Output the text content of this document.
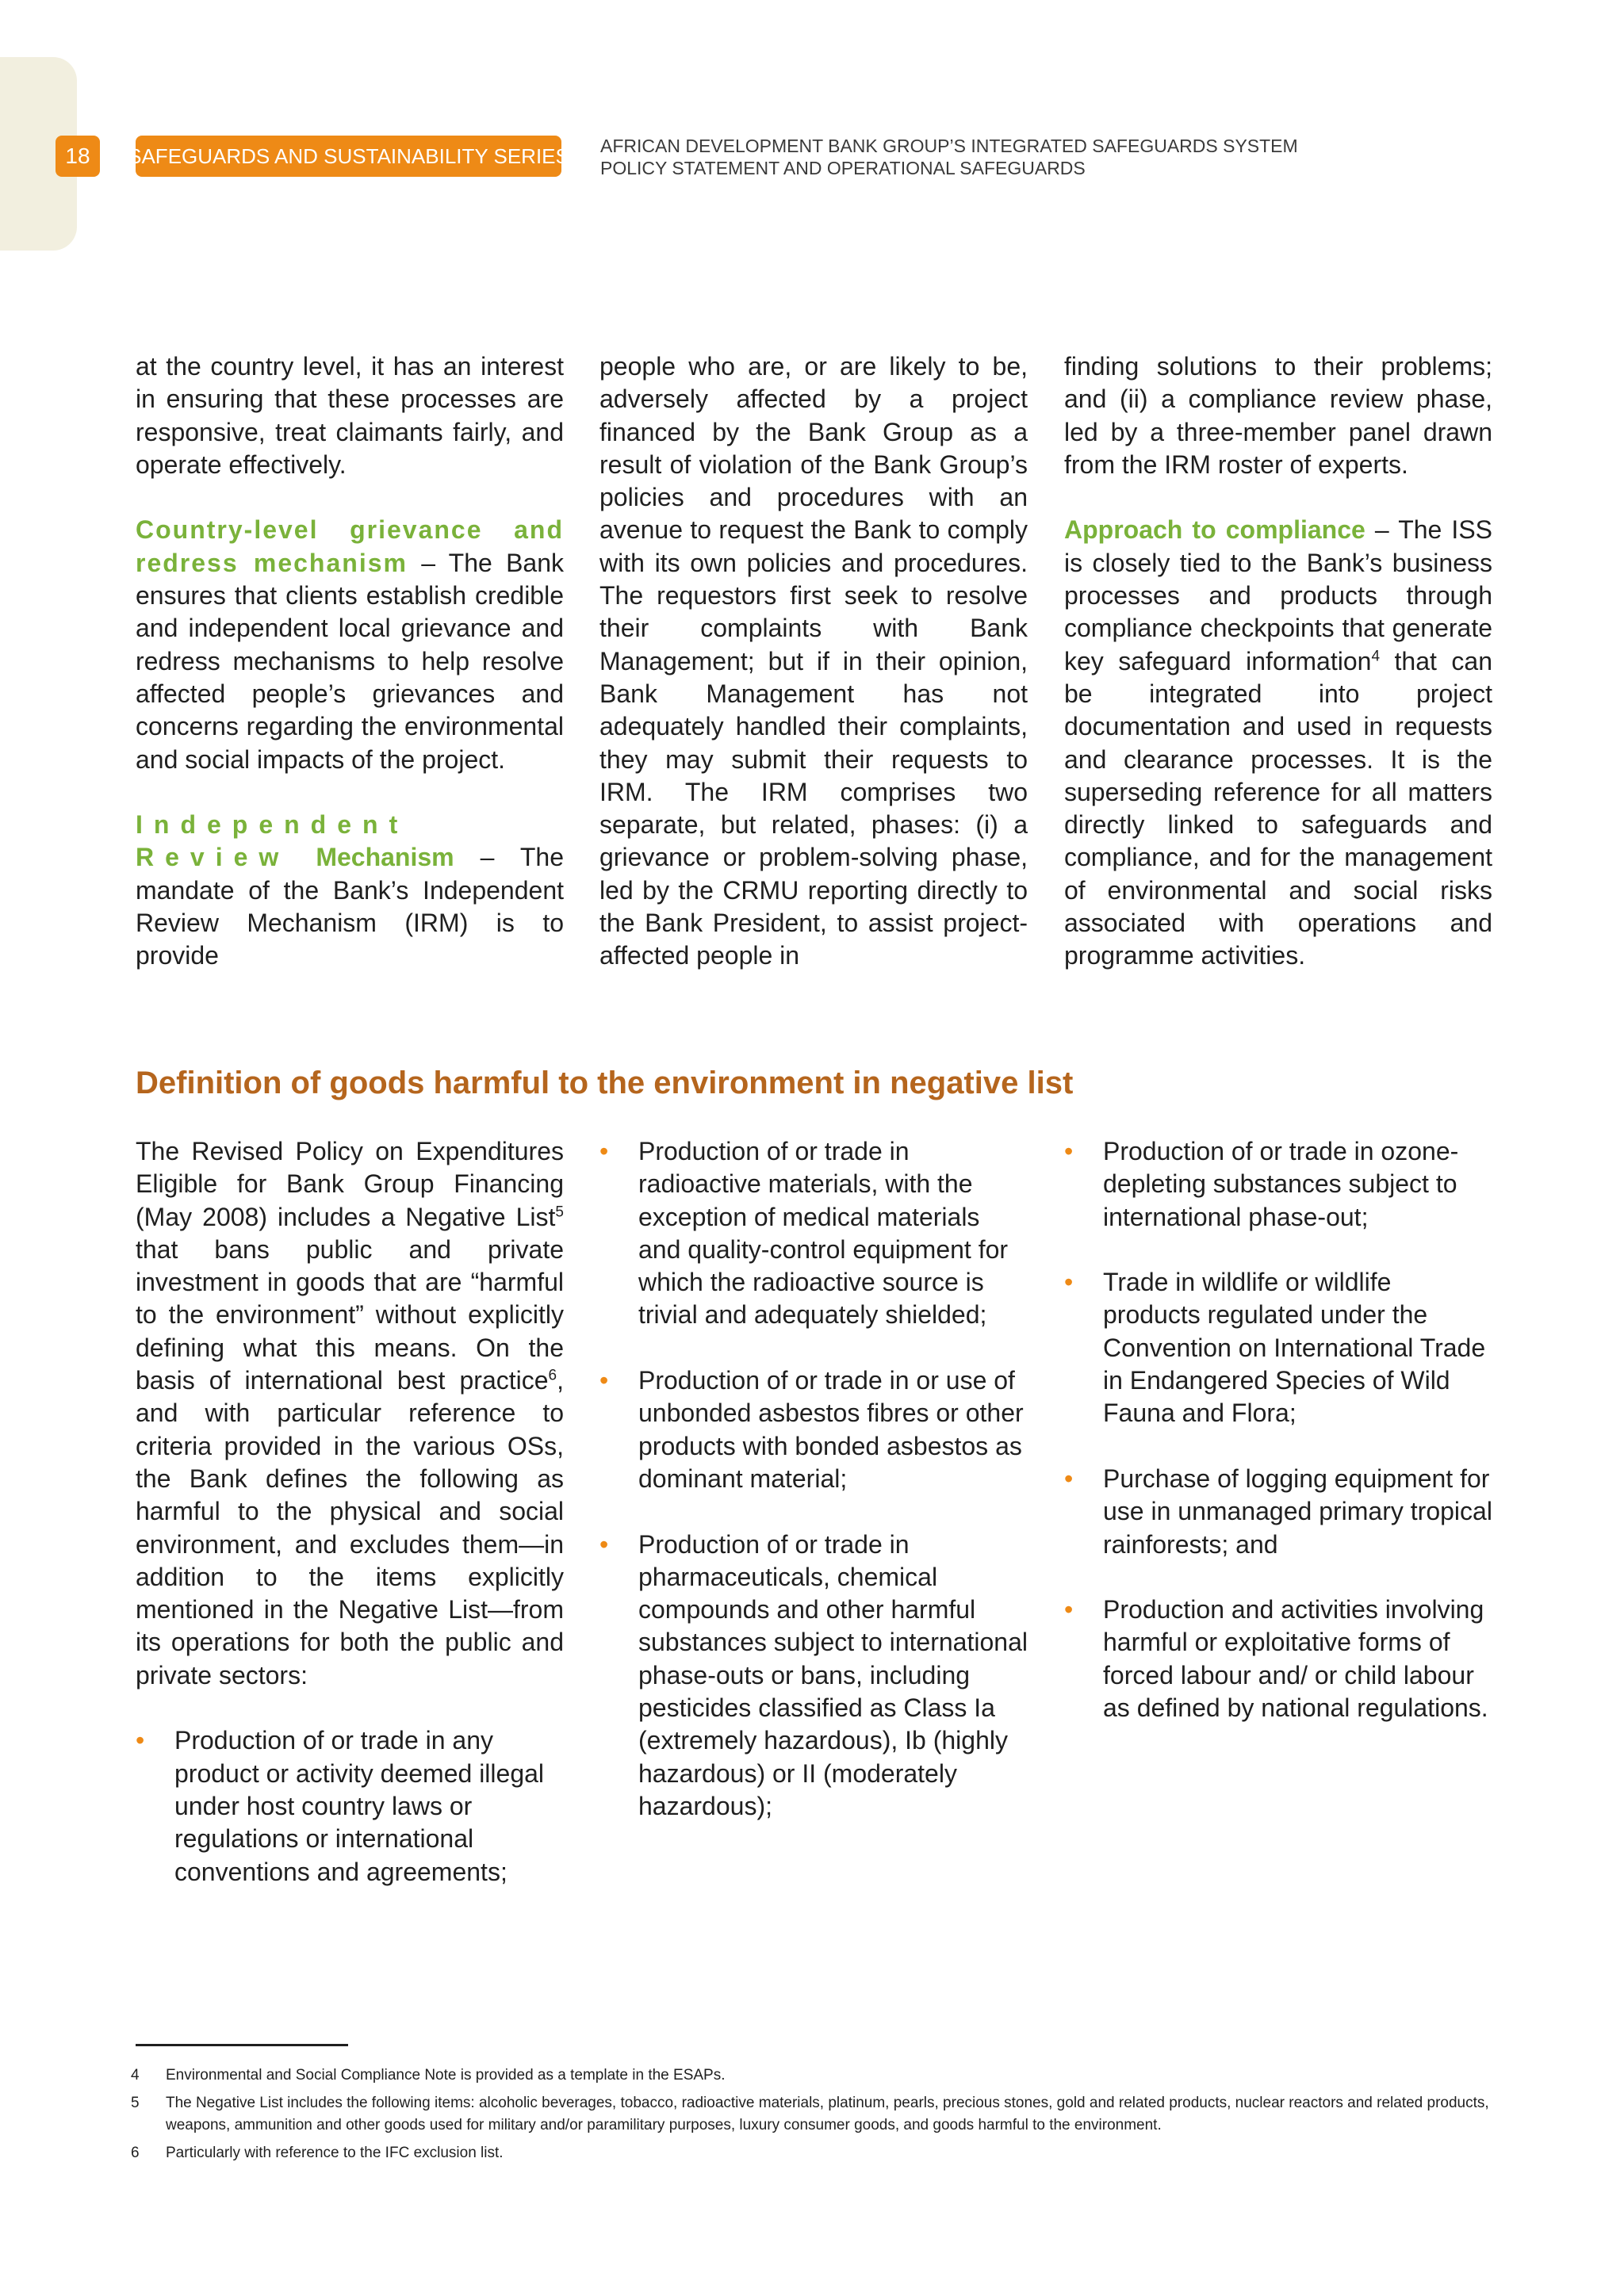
18	SAFEGUARDS AND SUSTAINABILITY SERIES AFRICAN DEVELOPMENT BANK GROUP’S INTEGRATED SAFEGUARDS SYSTEM
POLICY STATEMENT AND OPERATIONAL SAFEGUARDS

at the country level, it has an interest in ensuring that these processes are responsive, treat claimants fairly, and operate effectively.

Country-level grievance and redress mechanism – The Bank ensures that clients establish credible and independent local grievance and redress mechanisms to help resolve affected people’s grievances and concerns regarding the environmental and social impacts of the project.

Independent Review Mechanism – The mandate of the Bank’s Independent Review Mechanism (IRM) is to provide

people who are, or are likely to be, adversely affected by a project financed by the Bank Group as a result of violation of the Bank Group’s policies and procedures with an avenue to request the Bank to comply with its own policies and procedures. The requestors first seek to resolve their complaints with Bank Management; but if in their opinion, Bank Management has not adequately handled their complaints, they may submit their requests to IRM. The IRM comprises two separate, but related, phases: (i) a grievance or problem-solving phase, led by the CRMU reporting directly to the Bank President, to assist project-affected people in

finding solutions to their problems; and (ii) a compliance review phase, led by a three-member panel drawn from the IRM roster of experts.

Approach to compliance – The ISS is closely tied to the Bank’s business processes and products through compliance checkpoints that generate key safeguard information$^4$ that can be integrated into project documentation and used in requests and clearance processes. It is the superseding reference for all matters directly linked to safeguards and compliance, and for the management of environmental and social risks associated with operations and programme activities.

Definition of goods harmful to the environment in negative list

The Revised Policy on Expenditures Eligible for Bank Group Financing (May 2008) includes a Negative List$^5$ that bans public and private investment in goods that are “harmful to the environment” without explicitly defining what this means. On the basis of international best practice$^6$, and with particular reference to criteria provided in the various OSs, the Bank defines the following as harmful to the physical and social environment, and excludes them—in addition to the items explicitly mentioned in the Negative List—from its operations for both the public and private sectors:

• Production of or trade in any product or activity deemed illegal under host country laws or regulations or international conventions and agreements;
• Production of or trade in radioactive materials, with the exception of medical materials and quality-control equipment for which the radioactive source is trivial and adequately shielded;
• Production of or trade in or use of unbonded asbestos fibres or other products with bonded asbestos as dominant material;
• Production of or trade in pharmaceuticals, chemical compounds and other harmful substances subject to international phase-outs or bans, including pesticides classified as Class Ia (extremely hazardous), Ib (highly hazardous) or II (moderately hazardous);
• Production of or trade in ozone-depleting substances subject to international phase-out;
• Trade in wildlife or wildlife products regulated under the Convention on International Trade in Endangered Species of Wild Fauna and Flora;
• Purchase of logging equipment for use in unmanaged primary tropical rainforests; and
• Production and activities involving harmful or exploitative forms of forced labour and/ or child labour as defined by national regulations.
4 Environmental and Social Compliance Note is provided as a template in the ESAPs.
5 The Negative List includes the following items: alcoholic beverages, tobacco, radioactive materials, platinum, pearls, precious stones, gold and related products, nuclear reactors and related products, weapons, ammunition and other goods used for military and/or paramilitary purposes, luxury consumer goods, and goods harmful to the environment.
6 Particularly with reference to the IFC exclusion list.
